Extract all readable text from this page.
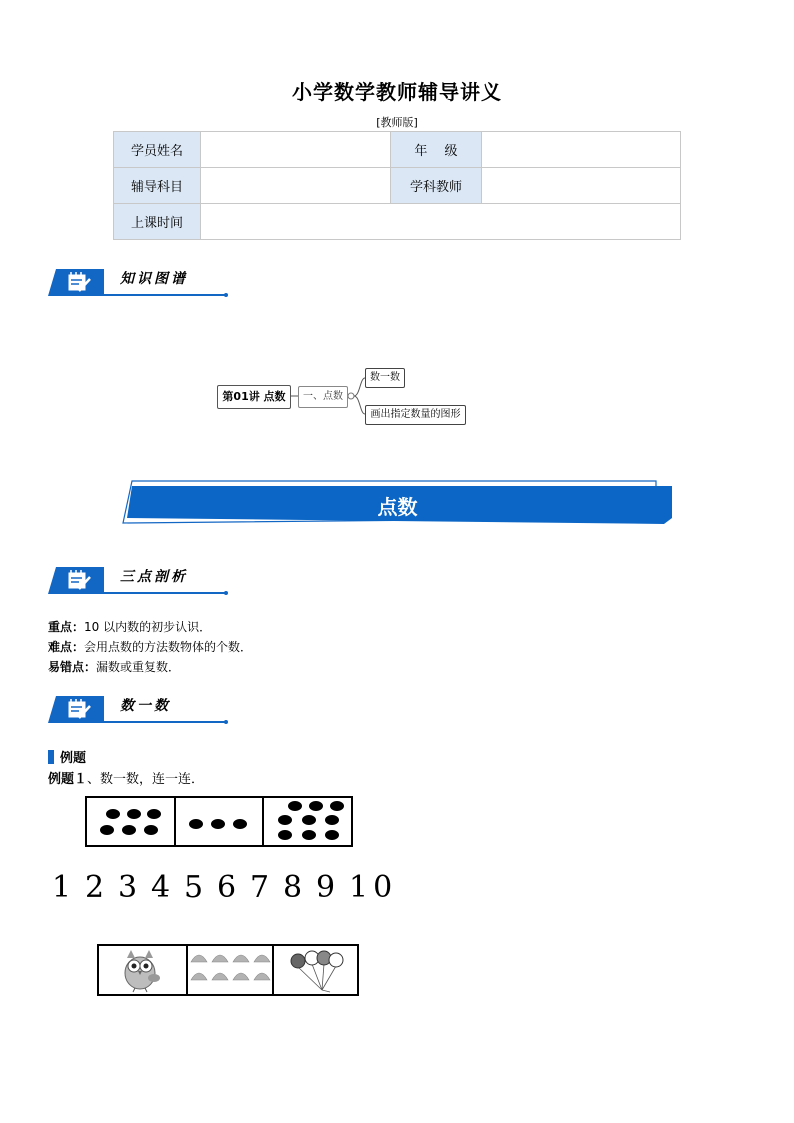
小学数学教师辅导讲义
[教师版]
学员姓名		年　 级	
辅导科目		学科教师	
上课时间			
知识图谱
第01讲 点数	一、点数
数一数
画出指定数量的图形
点数
三点剖析
重点：10 以内数的初步认识．
难点：会用点数的方法数物体的个数．
易错点：漏数或重复数．
数一数
例题
例题１、数一数，连一连．
1 2 3 4 5 6 7 8 9 10
